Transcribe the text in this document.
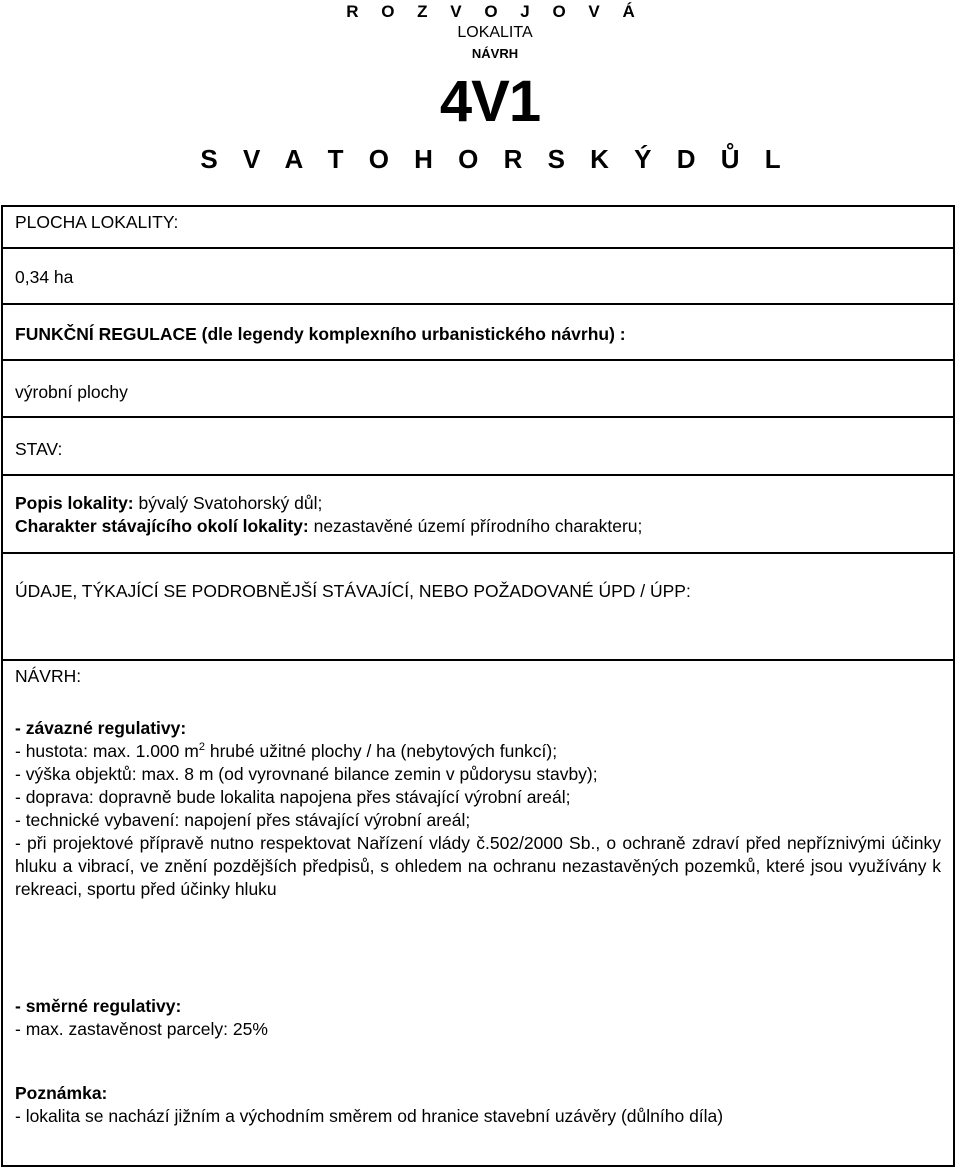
R O Z V O J O V Á
LOKALITA
NÁVRH
4V1
S V A T O H O R S K Ý D Ů L
PLOCHA LOKALITY:
0,34 ha
FUNKČNÍ REGULACE (dle legendy komplexního urbanistického návrhu) :
výrobní plochy
STAV:
Popis lokality: bývalý Svatohorský důl;
Charakter stávajícího okolí lokality: nezastavěné území přírodního charakteru;
ÚDAJE, TÝKAJÍCÍ SE PODROBNĚJŠÍ STÁVAJÍCÍ, NEBO POŽADOVANÉ ÚPD / ÚPP:
NÁVRH:
- závazné regulativy:
- hustota: max. 1.000 $m^2$ hrubé užitné plochy / ha (nebytových funkcí);
- výška objektů: max. 8 m (od vyrovnané bilance zemin v půdorysu stavby);
- doprava: dopravně bude lokalita napojena přes stávající výrobní areál;
- technické vybavení: napojení přes stávající výrobní areál;
- při projektové přípravě nutno respektovat Nařízení vlády č.502/2000 Sb., o ochraně zdraví před nepříznivými účinky hluku a vibrací, ve znění pozdějších předpisů, s ohledem na ochranu nezastavěných pozemků, které jsou využívány k rekreaci, sportu před účinky hluku
- směrné regulativy:
- max. zastavěnost parcely: 25%
Poznámka:
- lokalita se nachází jižním a východním směrem od hranice stavební uzávěry (důlního díla)
